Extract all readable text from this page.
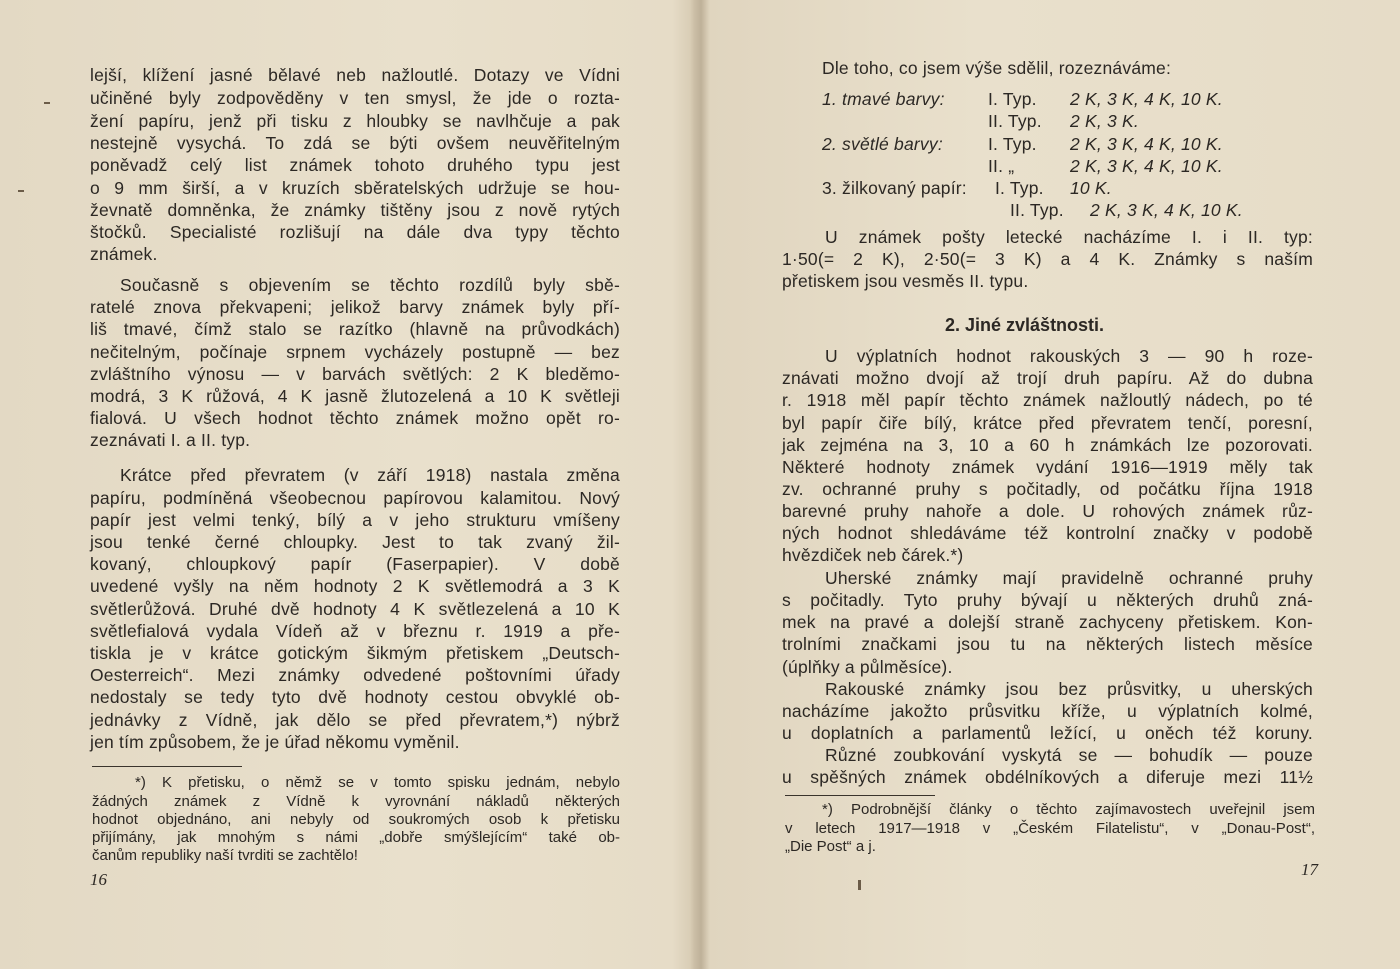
lejší, klížení jasné bělavé neb nažloutlé. Dotazy ve Vídni
učiněné byly zodpověděny v ten smysl, že jde o rozta-
žení papíru, jenž při tisku z hloubky se navlhčuje a pak
nestejně vysychá. To zdá se býti ovšem neuvěřitelným
poněvadž celý list známek tohoto druhého typu jest
o 9 mm širší, a v kruzích sběratelských udržuje se hou-
ževnatě domněnka, že známky tištěny jsou z nově rytých
štočků. Specialisté rozlišují na dále dva typy těchto
známek.
Současně s objevením se těchto rozdílů byly sbě-
ratelé znova překvapeni; jelikož barvy známek byly pří-
liš tmavé, čímž stalo se razítko (hlavně na průvodkách)
nečitelným, počínaje srpnem vycházely postupně — bez
zvláštního výnosu — v barvách světlých: 2 K bleděmo-
modrá, 3 K růžová, 4 K jasně žlutozelená a 10 K světleji
fialová. U všech hodnot těchto známek možno opět ro-
zeznávati I. a II. typ.
Krátce před převratem (v září 1918) nastala změna
papíru, podmíněná všeobecnou papírovou kalamitou. Nový
papír jest velmi tenký, bílý a v jeho strukturu vmíšeny
jsou tenké černé chloupky. Jest to tak zvaný žil-
kovaný, chloupkový papír (Faserpapier). V době
uvedené vyšly na něm hodnoty 2 K světlemodrá a 3 K
světlerůžová. Druhé dvě hodnoty 4 K světlezelená a 10 K
světlefialová vydala Vídeň až v březnu r. 1919 a pře-
tiskla je v krátce gotickým šikmým přetiskem „Deutsch-
Oesterreich“. Mezi známky odvedené poštovními úřady
nedostaly se tedy tyto dvě hodnoty cestou obvyklé ob-
jednávky z Vídně, jak dělo se před převratem,*) nýbrž
jen tím způsobem, že je úřad někomu vyměnil.
*) K přetisku, o němž se v tomto spisku jednám, nebylo
žádných známek z Vídně k vyrovnání nákladů některých
hodnot objednáno, ani nebyly od soukromých osob k přetisku
přijímány, jak mnohým s námi „dobře smýšlejícím“ také ob-
čanům republiky naší tvrditi se zachtělo!
16
Dle toho, co jsem výše sdělil, rozeznáváme:
1. tmavé barvy: I. Typ. 2 K, 3 K, 4 K, 10 K.
II. Typ. 2 K, 3 K.
2. světlé barvy:	I. Typ. 2 K, 3 K, 4 K, 10 K.
II. „	2 K, 3 K, 4 K, 10 K.
3. žilkovaný papír: I. Typ. 10 K.
II. Typ. 2 K, 3 K, 4 K, 10 K.
U známek pošty letecké nacházíme I. i II. typ:
1·50(= 2 K), 2·50(= 3 K) a 4 K. Známky s naším
přetiskem jsou vesměs II. typu.
2. Jiné zvláštnosti.
U výplatních hodnot rakouských 3 — 90 h roze-
znávati možno dvojí až trojí druh papíru. Až do dubna
r. 1918 měl papír těchto známek nažloutlý nádech, po té
byl papír čiře bílý, krátce před převratem tenčí, poresní,
jak zejména na 3, 10 a 60 h známkách lze pozorovati.
Některé hodnoty známek vydání 1916—1919 měly tak
zv. ochranné pruhy s počitadly, od počátku října 1918
barevné pruhy nahoře a dole. U rohových známek růz-
ných hodnot shledáváme též kontrolní značky v podobě
hvězdiček neb čárek.*)
Uherské známky mají pravidelně ochranné pruhy
s počitadly. Tyto pruhy bývají u některých druhů zná-
mek na pravé a dolejší straně zachyceny přetiskem. Kon-
trolními značkami jsou tu na některých listech měsíce
(úplňky a půlměsíce).
Rakouské známky jsou bez průsvitky, u uherských
nacházíme jakožto průsvitku kříže, u výplatních kolmé,
u doplatních a parlamentů ležící, u oněch též koruny.
Různé zoubkování vyskytá se — bohudík — pouze
u spěšných známek obdélníkových a diferuje mezi 11½
*) Podrobnější články o těchto zajímavostech uveřejnil jsem
v letech 1917—1918 v „Českém Filatelistu“, v „Donau-Post“,
„Die Post“ a j.
17
